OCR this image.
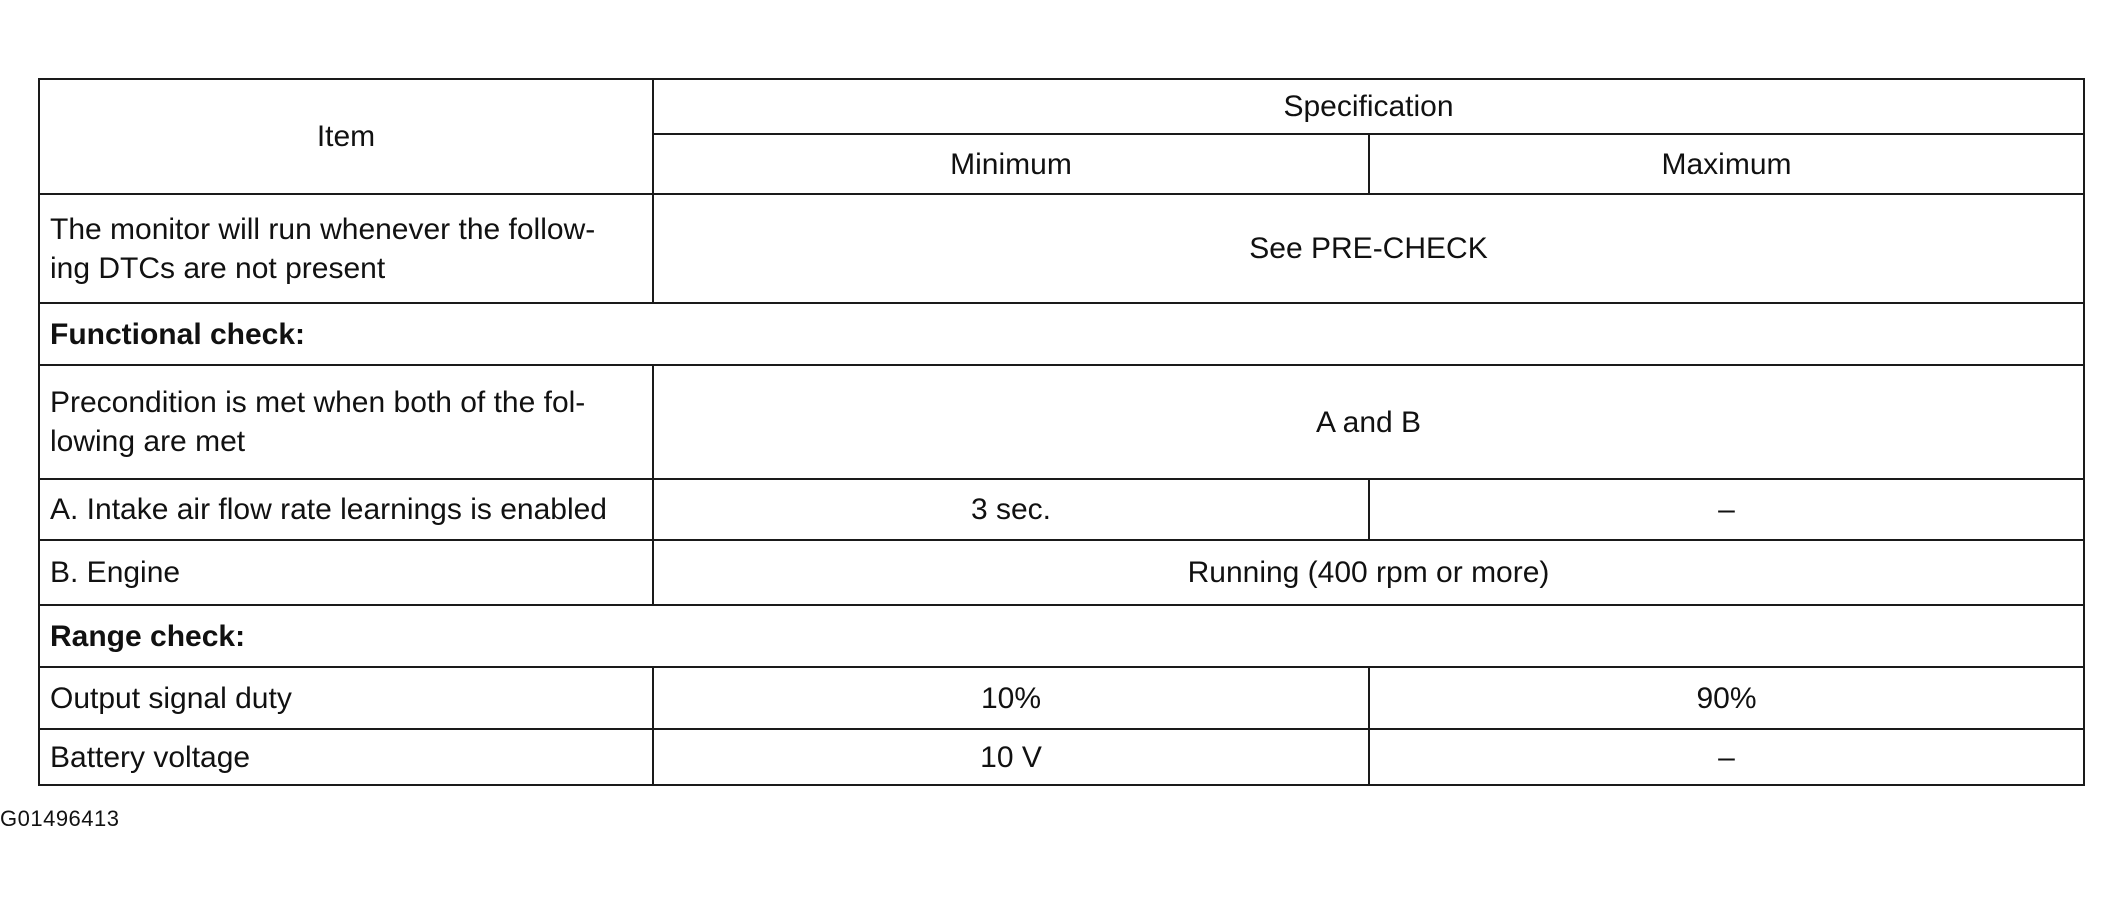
Item	Specification	
	Minimum	Maximum

The monitor will run whenever the follow-
ing DTCs are not present	See PRE-CHECK	
Functional check:		

Precondition is met when both of the fol-
lowing are met	A and B	
A. Intake air flow rate learnings is enabled	3 sec.	–
B. Engine	Running (400 rpm or more)	
Range check:		
Output signal duty	10%	90%
Battery voltage	10 V	–
G01496413
